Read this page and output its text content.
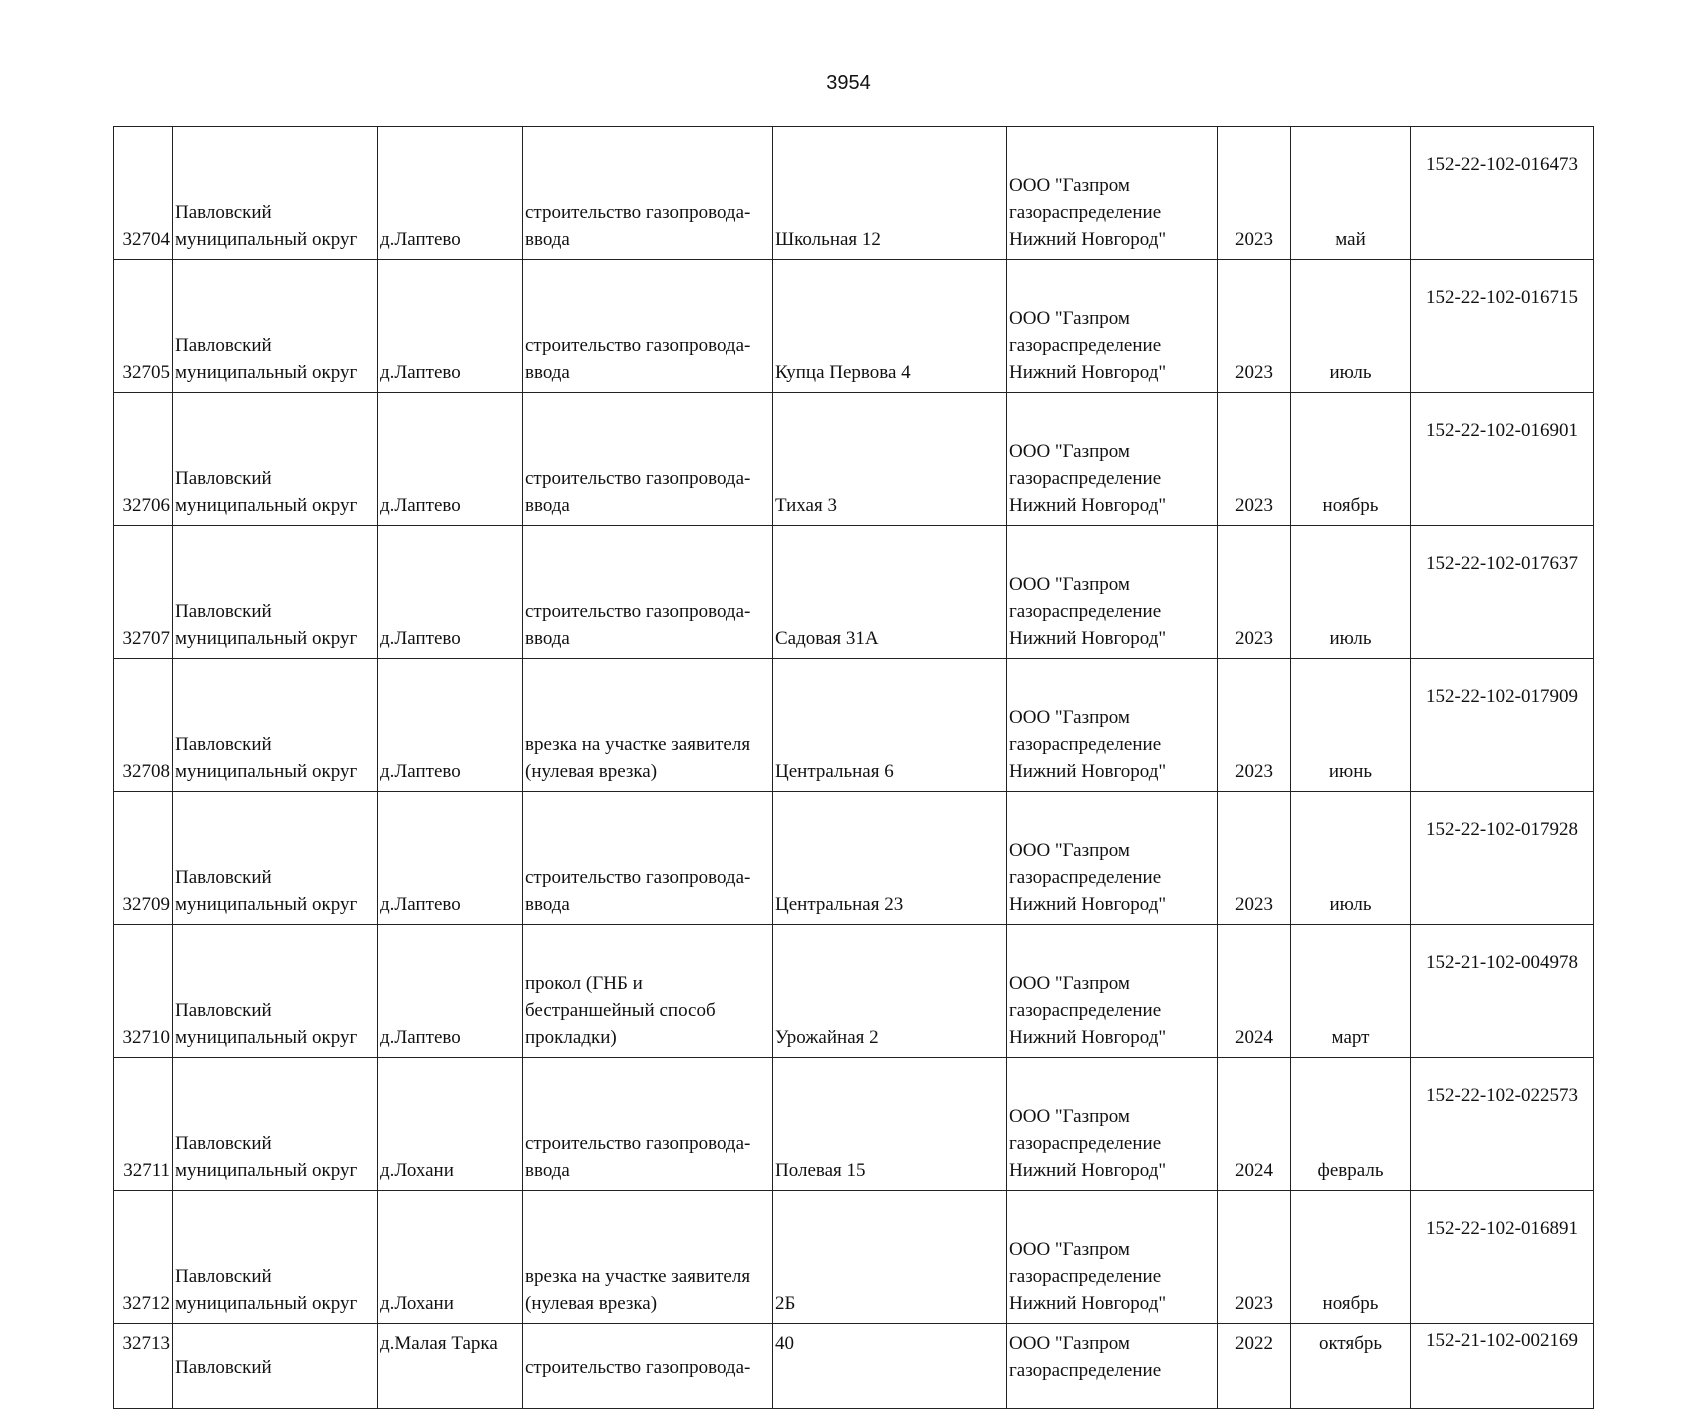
3954
32704	Павловский
муниципальный округ	д.Лаптево	строительство газопровода-
ввода	Школьная 12	ООО "Газпром
газораспределение
Нижний Новгород"	2023	май	152-22-102-016473
32705	Павловский
муниципальный округ	д.Лаптево	строительство газопровода-
ввода	Купца Первова 4	ООО "Газпром
газораспределение
Нижний Новгород"	2023	июль	152-22-102-016715
32706	Павловский
муниципальный округ	д.Лаптево	строительство газопровода-
ввода	Тихая 3	ООО "Газпром
газораспределение
Нижний Новгород"	2023	ноябрь	152-22-102-016901
32707	Павловский
муниципальный округ	д.Лаптево	строительство газопровода-
ввода	Садовая 31А	ООО "Газпром
газораспределение
Нижний Новгород"	2023	июль	152-22-102-017637
32708	Павловский
муниципальный округ	д.Лаптево	врезка на участке заявителя
(нулевая врезка)	Центральная 6	ООО "Газпром
газораспределение
Нижний Новгород"	2023	июнь	152-22-102-017909
32709	Павловский
муниципальный округ	д.Лаптево	строительство газопровода-
ввода	Центральная 23	ООО "Газпром
газораспределение
Нижний Новгород"	2023	июль	152-22-102-017928
32710	Павловский
муниципальный округ	д.Лаптево	прокол (ГНБ и
бестраншейный способ
прокладки)	Урожайная 2	ООО "Газпром
газораспределение
Нижний Новгород"	2024	март	152-21-102-004978
32711	Павловский
муниципальный округ	д.Лохани	строительство газопровода-
ввода	Полевая 15	ООО "Газпром
газораспределение
Нижний Новгород"	2024	февраль	152-22-102-022573
32712	Павловский
муниципальный округ	д.Лохани	врезка на участке заявителя
(нулевая врезка)	2Б	ООО "Газпром
газораспределение
Нижний Новгород"	2023	ноябрь	152-22-102-016891
32713	Павловский	д.Малая Тарка	строительство газопровода-	40	ООО "Газпром
газораспределение	2022	октябрь	152-21-102-002169
